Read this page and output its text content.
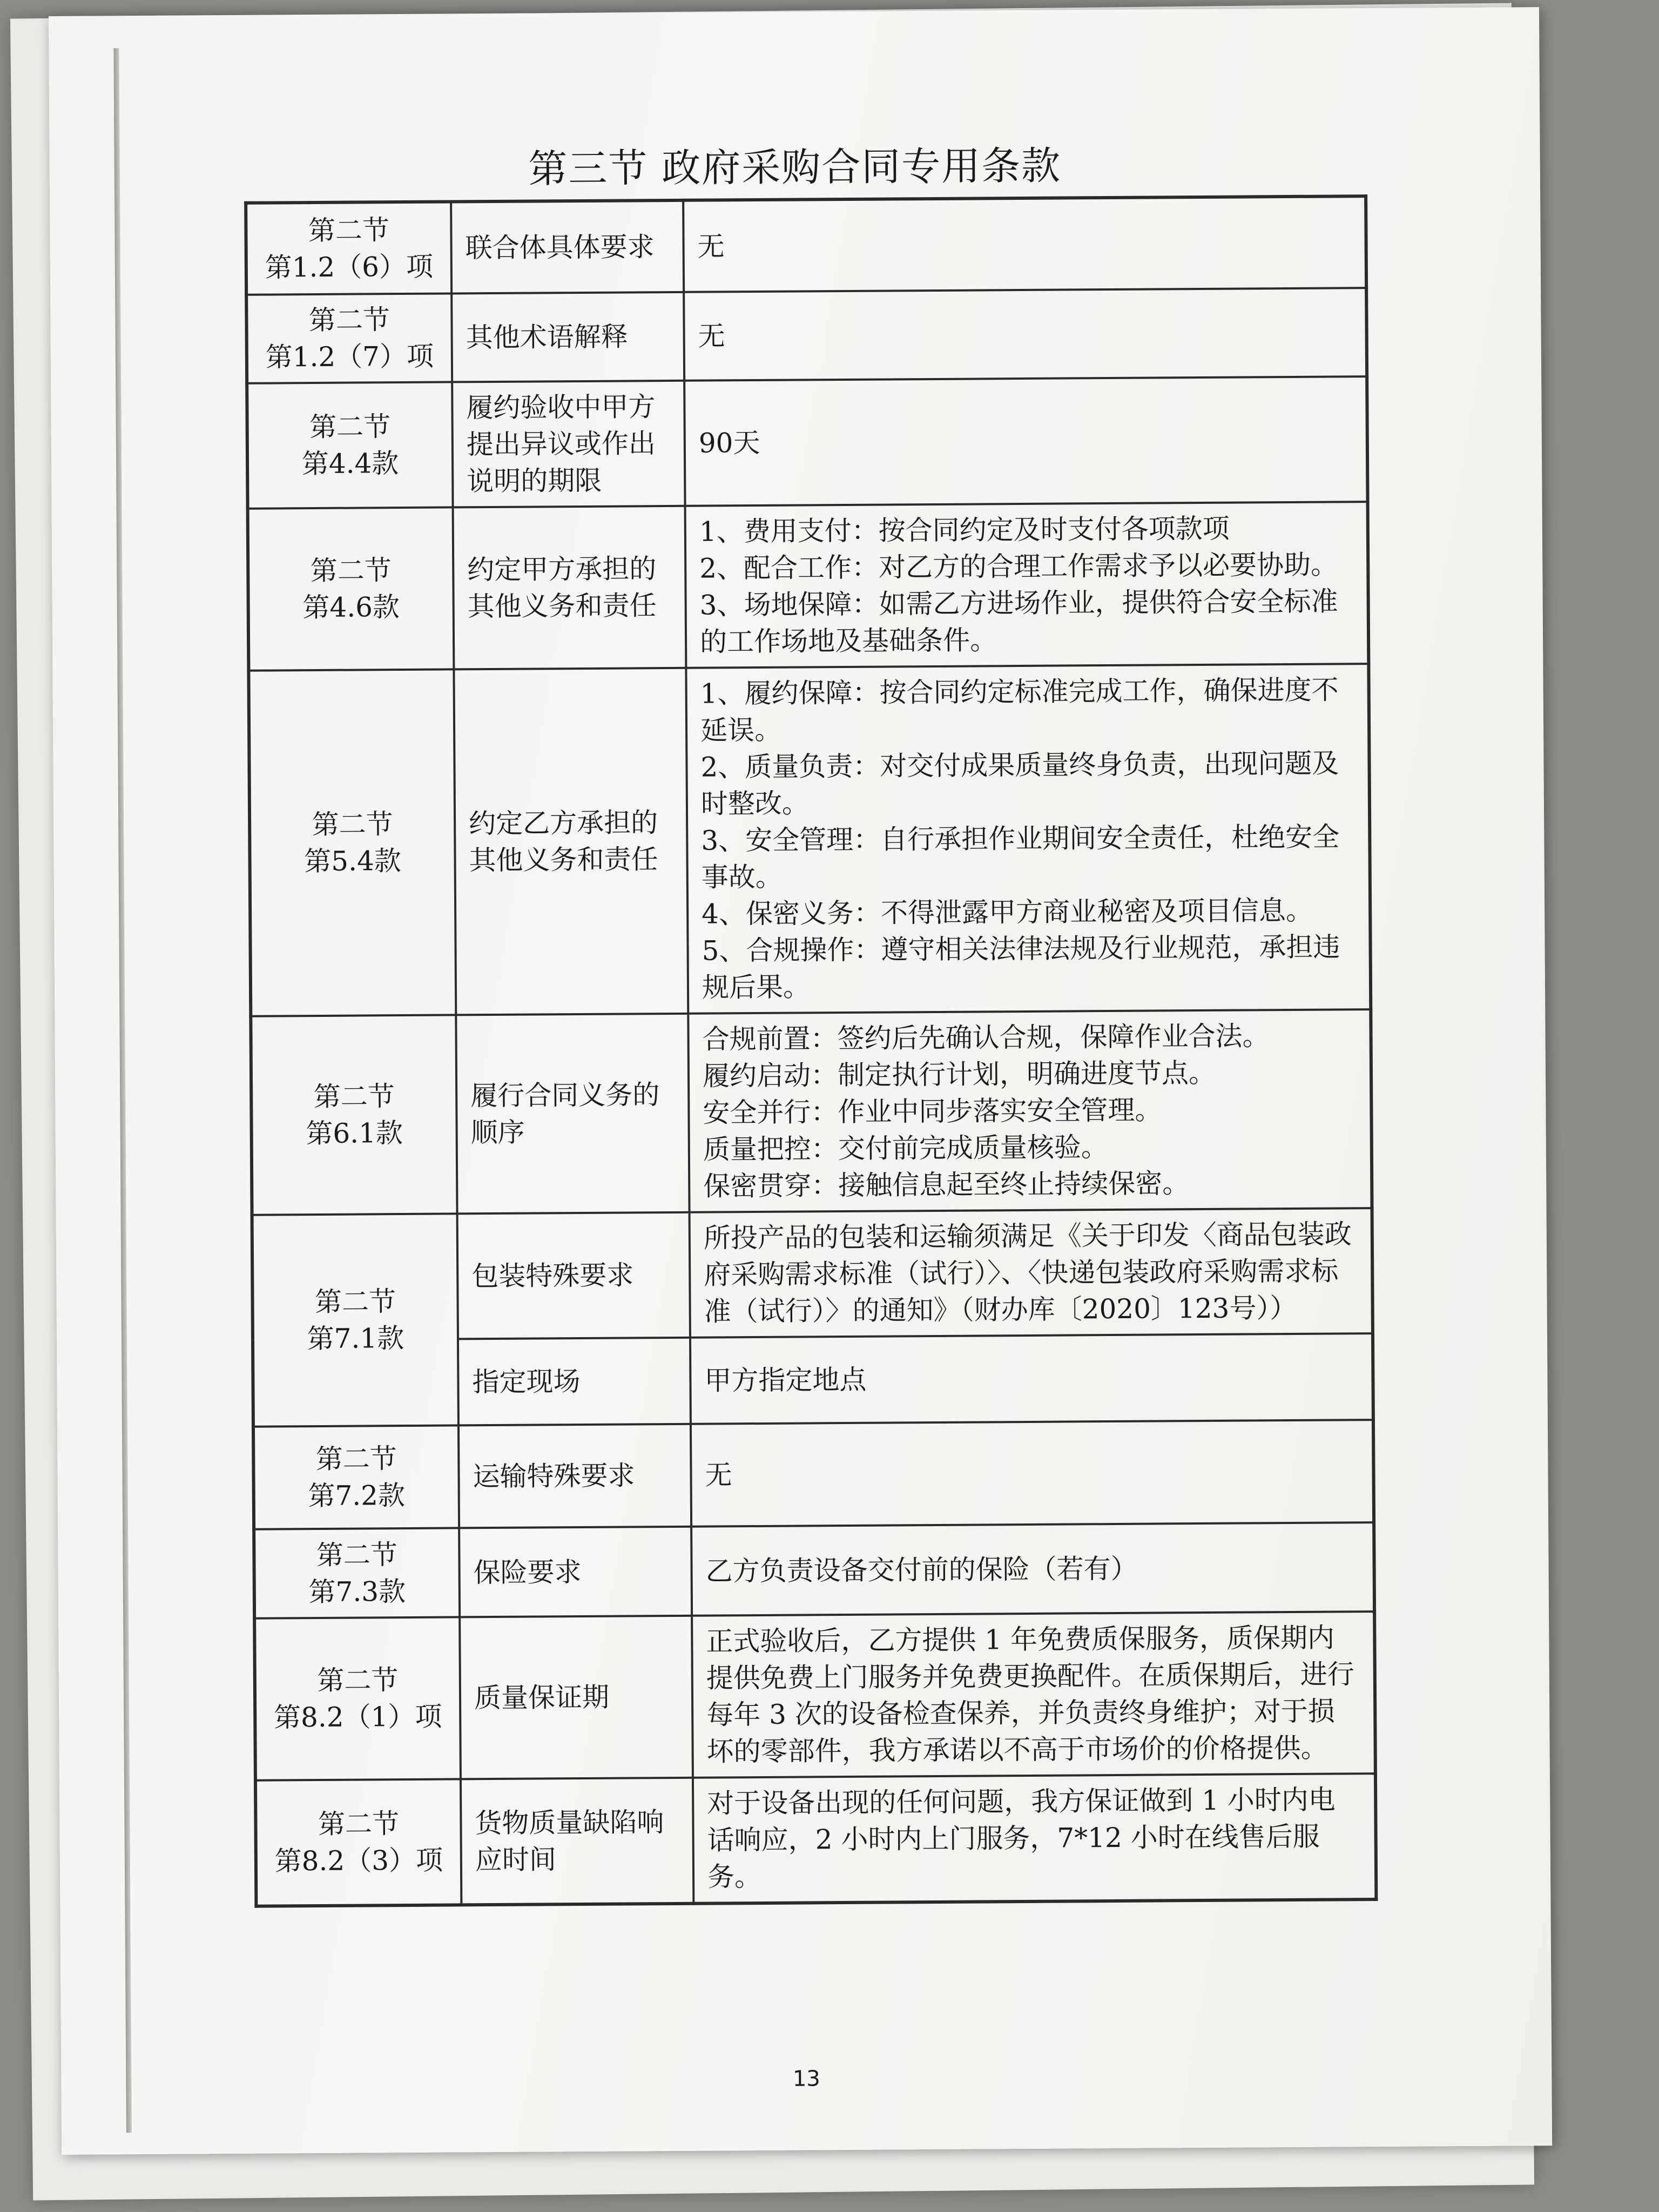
第三节 政府采购合同专用条款
第二节
第1.2（6）项	联合体具体要求	无

第二节
第1.2（7）项	其他术语解释	无

第二节
第4.4款	履约验收中甲方提出异议或作出说明的期限	90天

第二节
第4.6款	约定甲方承担的其他义务和责任	1、费用支付：按合同约定及时支付各项款项
2、配合工作：对乙方的合理工作需求予以必要协助。
3、场地保障：如需乙方进场作业，提供符合安全标准的工作场地及基础条件。

第二节
第5.4款	约定乙方承担的其他义务和责任	1、履约保障：按合同约定标准完成工作，确保进度不延误。
2、质量负责：对交付成果质量终身负责，出现问题及时整改。
3、安全管理：自行承担作业期间安全责任，杜绝安全事故。
4、保密义务：不得泄露甲方商业秘密及项目信息。
5、合规操作：遵守相关法律法规及行业规范，承担违规后果。

第二节
第6.1款	履行合同义务的顺序	合规前置：签约后先确认合规，保障作业合法。
履约启动：制定执行计划，明确进度节点。
安全并行：作业中同步落实安全管理。
质量把控：交付前完成质量核验。
保密贯穿：接触信息起至终止持续保密。

第二节
第7.1款	包装特殊要求	所投产品的包装和运输须满足《关于印发〈商品包装政府采购需求标准（试行）〉、〈快递包装政府采购需求标准（试行）〉的通知》（财办库〔2020〕123号））

	指定现场	甲方指定地点

第二节
第7.2款	运输特殊要求	无

第二节
第7.3款	保险要求	乙方负责设备交付前的保险（若有）

第二节
第8.2（1）项	质量保证期	正式验收后，乙方提供 1 年免费质保服务，质保期内提供免费上门服务并免费更换配件。在质保期后，进行每年 3 次的设备检查保养，并负责终身维护；对于损坏的零部件，我方承诺以不高于市场价的价格提供。

第二节
第8.2（3）项	货物质量缺陷响应时间	对于设备出现的任何问题，我方保证做到 1 小时内电话响应，2 小时内上门服务，7*12 小时在线售后服务。
13
